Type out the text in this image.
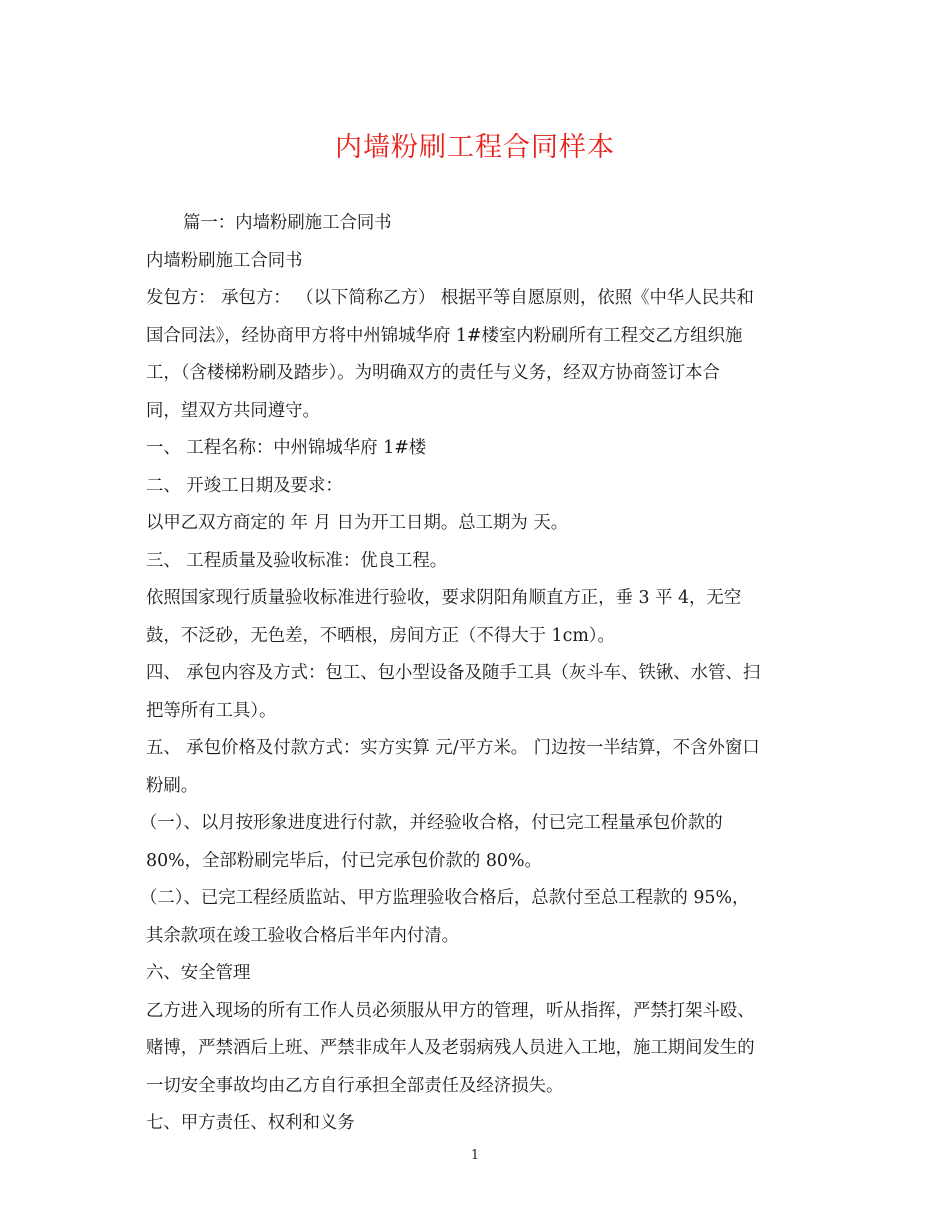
内墙粉刷工程合同样本

篇一：内墙粉刷施工合同书

内墙粉刷施工合同书

发包方： 承包方： （以下简称乙方） 根据平等自愿原则，依照《中华人民共和

国合同法》，经协商甲方将中州锦城华府 1#楼室内粉刷所有工程交乙方组织施

工，（含楼梯粉刷及踏步）。为明确双方的责任与义务，经双方协商签订本合

同，望双方共同遵守。

一、 工程名称：中州锦城华府 1#楼

二、 开竣工日期及要求：

以甲乙双方商定的 年 月 日为开工日期。总工期为 天。

三、 工程质量及验收标准：优良工程。

依照国家现行质量验收标准进行验收，要求阴阳角顺直方正，垂 3 平 4，无空

鼓，不泛砂，无色差，不晒根，房间方正（不得大于 1cm）。

四、 承包内容及方式：包工、包小型设备及随手工具（灰斗车、铁锹、水管、扫

把等所有工具）。

五、 承包价格及付款方式：实方实算 元/平方米。 门边按一半结算，不含外窗口

粉刷。

（一）、以月按形象进度进行付款，并经验收合格，付已完工程量承包价款的

80%，全部粉刷完毕后，付已完承包价款的 80%。

（二）、已完工程经质监站、甲方监理验收合格后，总款付至总工程款的 95%，

其余款项在竣工验收合格后半年内付清。

六、安全管理

乙方进入现场的所有工作人员必须服从甲方的管理，听从指挥，严禁打架斗殴、

赌博，严禁酒后上班、严禁非成年人及老弱病残人员进入工地，施工期间发生的

一切安全事故均由乙方自行承担全部责任及经济损失。

七、甲方责任、权利和义务

1
